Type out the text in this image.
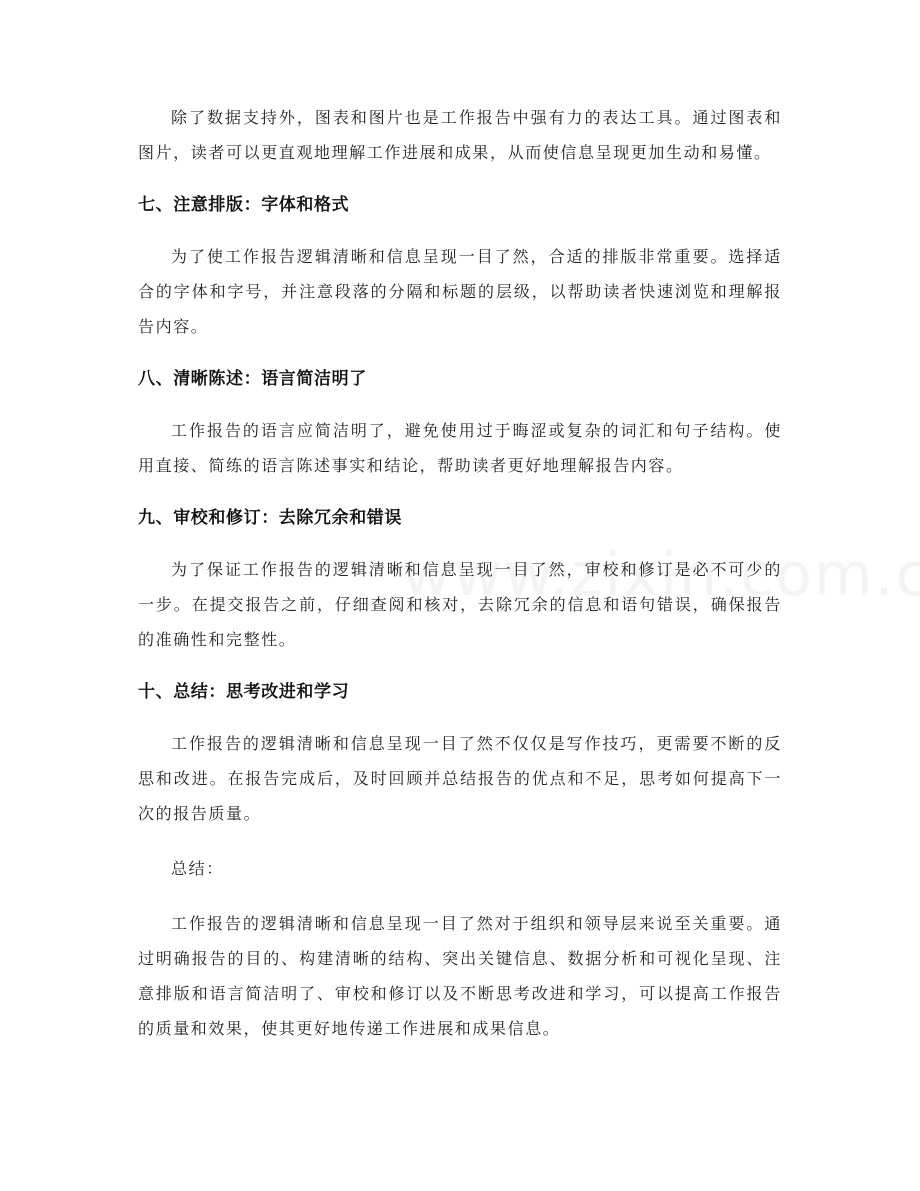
除了数据支持外，图表和图片也是工作报告中强有力的表达工具。通过图表和图片，读者可以更直观地理解工作进展和成果，从而使信息呈现更加生动和易懂。

七、注意排版：字体和格式

为了使工作报告逻辑清晰和信息呈现一目了然，合适的排版非常重要。选择适合的字体和字号，并注意段落的分隔和标题的层级，以帮助读者快速浏览和理解报告内容。

八、清晰陈述：语言简洁明了

工作报告的语言应简洁明了，避免使用过于晦涩或复杂的词汇和句子结构。使用直接、简练的语言陈述事实和结论，帮助读者更好地理解报告内容。

九、审校和修订：去除冗余和错误

为了保证工作报告的逻辑清晰和信息呈现一目了然，审校和修订是必不可少的一步。在提交报告之前，仔细查阅和核对，去除冗余的信息和语句错误，确保报告的准确性和完整性。

十、总结：思考改进和学习

工作报告的逻辑清晰和信息呈现一目了然不仅仅是写作技巧，更需要不断的反思和改进。在报告完成后，及时回顾并总结报告的优点和不足，思考如何提高下一次的报告质量。

总结：

工作报告的逻辑清晰和信息呈现一目了然对于组织和领导层来说至关重要。通过明确报告的目的、构建清晰的结构、突出关键信息、数据分析和可视化呈现、注意排版和语言简洁明了、审校和修订以及不断思考改进和学习，可以提高工作报告的质量和效果，使其更好地传递工作进展和成果信息。
